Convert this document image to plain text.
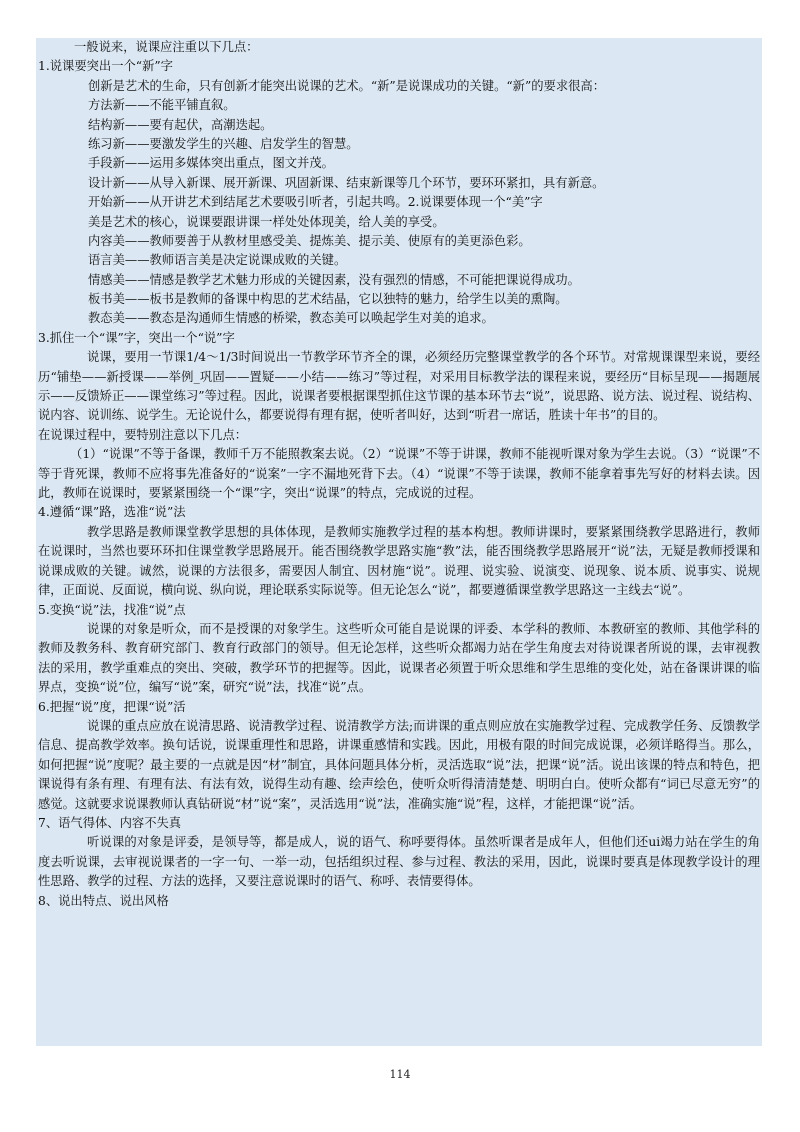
一般说来，说课应注重以下几点：
1.说课要突出一个“新”字
创新是艺术的生命，只有创新才能突出说课的艺术。“新”是说课成功的关键。“新”的要求很高：
方法新——不能平铺直叙。
结构新——要有起伏，高潮迭起。
练习新——要激发学生的兴趣、启发学生的智慧。
手段新——运用多媒体突出重点，图文并茂。
设计新——从导入新课、展开新课、巩固新课、结束新课等几个环节，要环环紧扣，具有新意。
开始新——从开讲艺术到结尾艺术要吸引听者，引起共鸣。2.说课要体现一个“美”字
美是艺术的核心，说课要跟讲课一样处处体现美，给人美的享受。
内容美——教师要善于从教材里感受美、提炼美、提示美、使原有的美更添色彩。
语言美——教师语言美是决定说课成败的关键。
情感美——情感是教学艺术魅力形成的关键因素，没有强烈的情感，不可能把课说得成功。
板书美——板书是教师的备课中构思的艺术结晶，它以独特的魅力，给学生以美的熏陶。
教态美——教态是沟通师生情感的桥梁，教态美可以唤起学生对美的追求。
3.抓住一个“课”字，突出一个“说”字
说课，要用一节课1/4～1/3时间说出一节教学环节齐全的课，必须经历完整课堂教学的各个环节。对常规课课型来说，要经历“铺垫——新授课——举例_巩固——置疑——小结——练习”等过程，对采用目标教学法的课程来说，要经历“目标呈现——揭题展示——反馈矫正——课堂练习”等过程。因此，说课者要根据课型抓住这节课的基本环节去“说”，说思路、说方法、说过程、说结构、说内容、说训练、说学生。无论说什么，都要说得有理有据，使听者叫好，达到“听君一席话，胜读十年书”的目的。
在说课过程中，要特别注意以下几点：
（1）“说课”不等于备课，教师千万不能照教案去说。（2）“说课”不等于讲课，教师不能视听课对象为学生去说。（3）“说课”不等于背死课，教师不应将事先准备好的“说案”一字不漏地死背下去。（4）“说课”不等于读课，教师不能拿着事先写好的材料去读。因此，教师在说课时，要紧紧围绕一个“课”字，突出“说课”的特点，完成说的过程。
4.遵循“课”路，选准“说”法
教学思路是教师课堂教学思想的具体体现，是教师实施教学过程的基本构想。教师讲课时，要紧紧围绕教学思路进行，教师在说课时，当然也要环环扣住课堂教学思路展开。能否围绕教学思路实施“教”法，能否围绕教学思路展开“说”法，无疑是教师授课和说课成败的关键。诚然，说课的方法很多，需要因人制宜、因材施“说”。说理、说实验、说演变、说现象、说本质、说事实、说规律，正面说、反面说，横向说、纵向说，理论联系实际说等。但无论怎么“说”，都要遵循课堂教学思路这一主线去“说”。
5.变换“说”法，找准“说”点
说课的对象是听众，而不是授课的对象学生。这些听众可能自是说课的评委、本学科的教师、本教研室的教师、其他学科的教师及教务科、教育研究部门、教育行政部门的领导。但无论怎样，这些听众都竭力站在学生角度去对待说课者所说的课，去审视教法的采用，教学重难点的突出、突破，教学环节的把握等。因此，说课者必须置于听众思维和学生思维的变化处，站在备课讲课的临界点，变换“说”位，编写“说”案，研究“说”法，找准“说”点。
6.把握“说”度，把课“说”活
说课的重点应放在说清思路、说清教学过程、说清教学方法;而讲课的重点则应放在实施教学过程、完成教学任务、反馈教学信息、提高教学效率。换句话说，说课重理性和思路，讲课重感情和实践。因此，用极有限的时间完成说课，必须详略得当。那么，如何把握“说”度呢？最主要的一点就是因“材”制宜，具体问题具体分析，灵活选取“说”法，把课“说”活。说出该课的特点和特色，把课说得有条有理、有理有法、有法有效，说得生动有趣、绘声绘色，使听众听得清清楚楚、明明白白。使听众都有“词已尽意无穷”的感觉。这就要求说课教师认真钻研说“材”说“案”，灵活选用“说”法，准确实施“说”程，这样，才能把课“说”活。
7、语气得体、内容不失真
听说课的对象是评委，是领导等，都是成人，说的语气、称呼要得体。虽然听课者是成年人，但他们还ui竭力站在学生的角度去听说课，去审视说课者的一字一句、一举一动，包括组织过程、参与过程、教法的采用，因此，说课时要真是体现教学设计的理性思路、教学的过程、方法的选择，又要注意说课时的语气、称呼、表情要得体。
8、说出特点、说出风格
114
